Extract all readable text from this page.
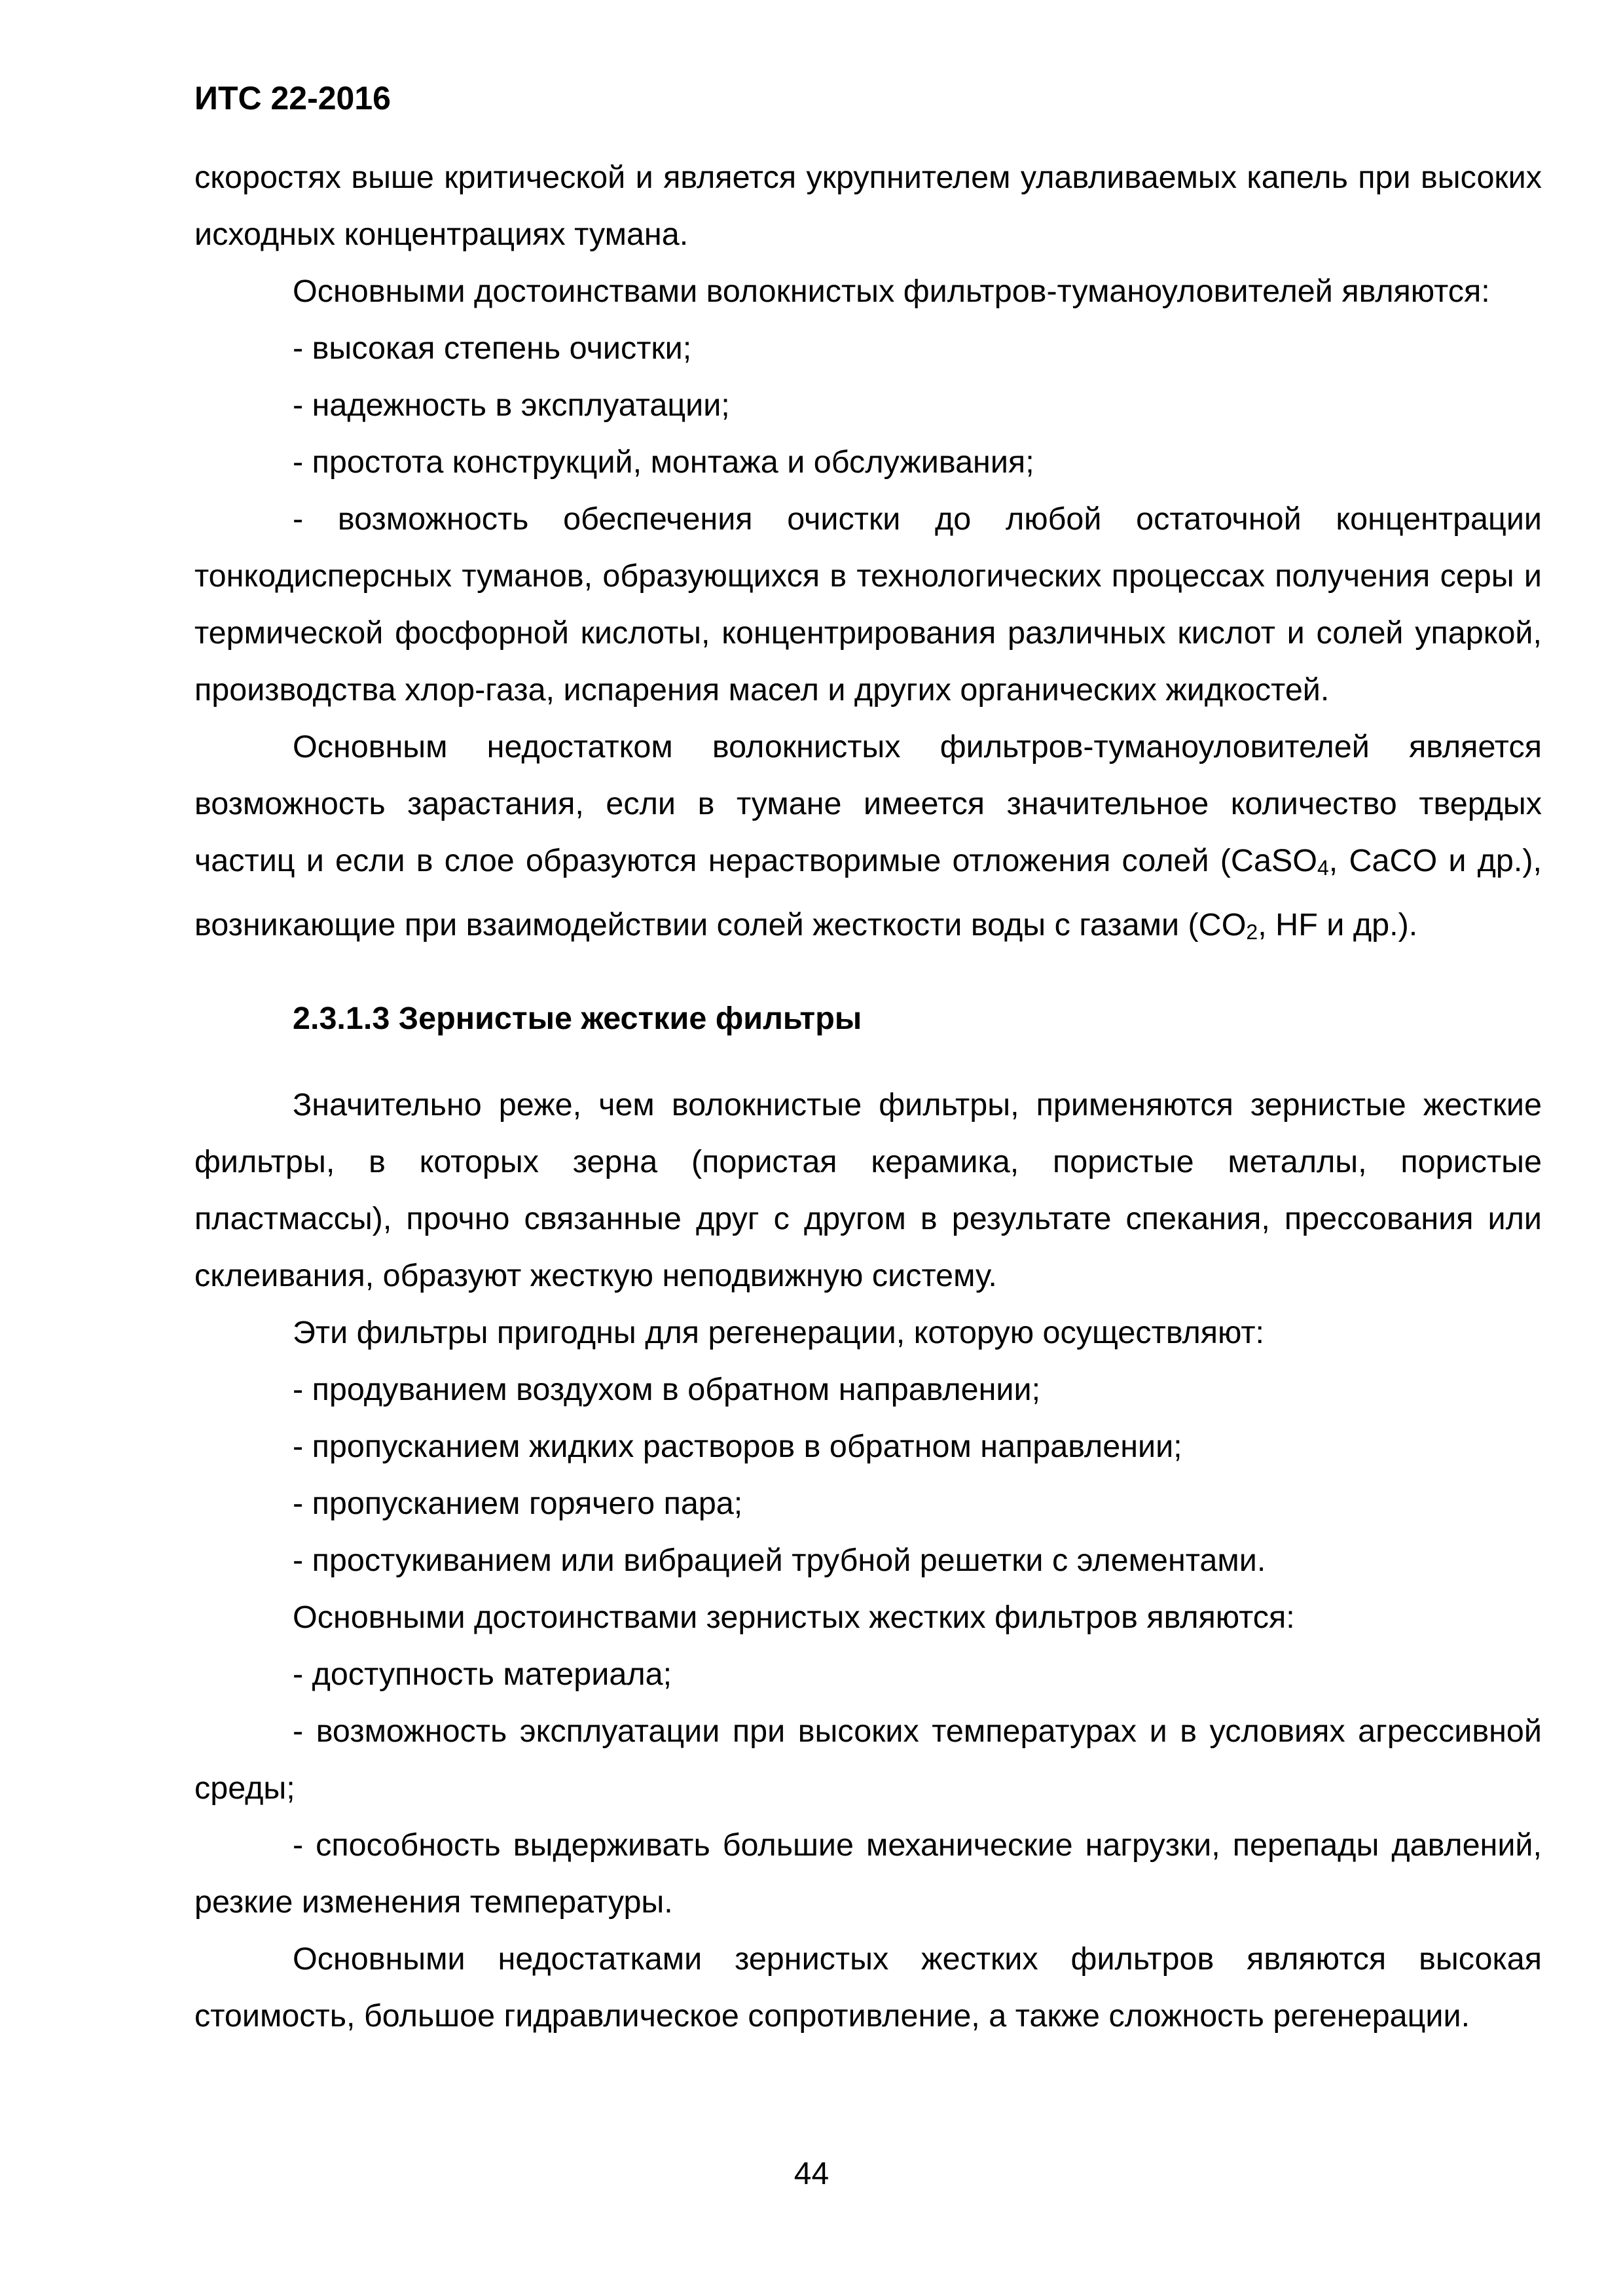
ИТС 22-2016

скоростях выше критической и является укрупнителем улавливаемых капель при высоких исходных концентрациях тумана.

Основными достоинствами волокнистых фильтров-туманоуловителей являются:

- высокая степень очистки;

- надежность в эксплуатации;

- простота конструкций, монтажа и обслуживания;

- возможность обеспечения очистки до любой остаточной концентрации тонкодисперсных туманов, образующихся в технологических процессах получения серы и термической фосфорной кислоты, концентрирования различных кислот и солей упаркой, производства хлор-газа, испарения масел и других органических жидкостей.

Основным недостатком волокнистых фильтров-туманоуловителей является возможность зарастания, если в тумане имеется значительное количество твердых частиц и если в слое образуются нерастворимые отложения солей (CaSO$_4$, CaCO и др.), возникающие при взаимодействии солей жесткости воды с газами ($CO_2$, HF и др.).

2.3.1.3 Зернистые жесткие фильтры

Значительно реже, чем волокнистые фильтры, применяются зернистые жесткие фильтры, в которых зерна (пористая керамика, пористые металлы, пористые пластмассы), прочно связанные друг с другом в результате спекания, прессования или склеивания, образуют жесткую неподвижную систему.

Эти фильтры пригодны для регенерации, которую осуществляют:

- продуванием воздухом в обратном направлении;

- пропусканием жидких растворов в обратном направлении;

- пропусканием горячего пара;

- простукиванием или вибрацией трубной решетки с элементами.

Основными достоинствами зернистых жестких фильтров являются:

- доступность материала;

- возможность эксплуатации при высоких температурах и в условиях агрессивной среды;

- способность выдерживать большие механические нагрузки, перепады давлений, резкие изменения температуры.

Основными недостатками зернистых жестких фильтров являются высокая стоимость, большое гидравлическое сопротивление, а также сложность регенерации.

44
